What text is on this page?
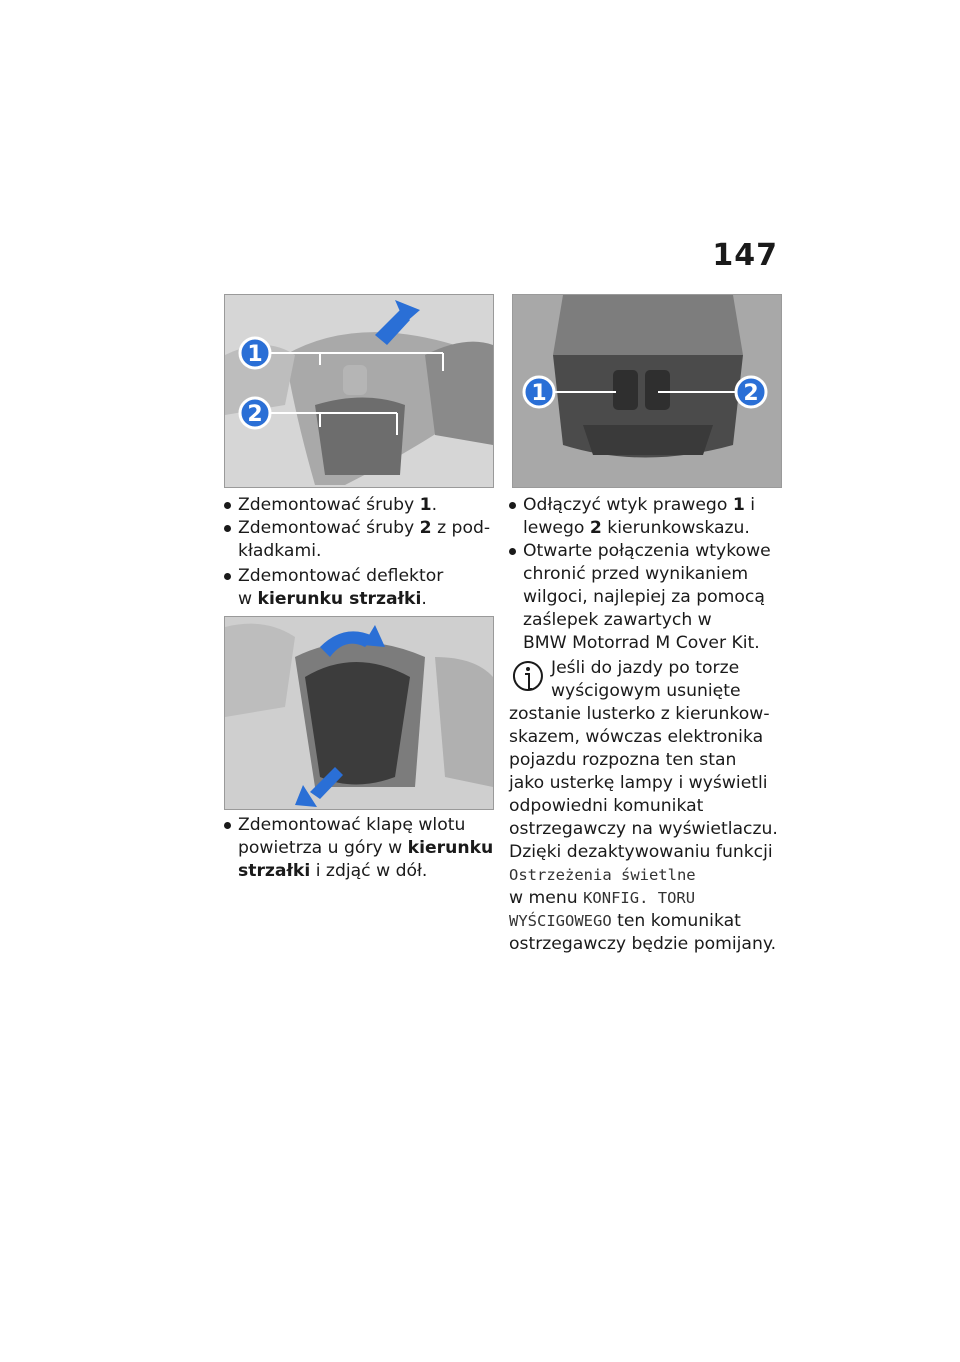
147
1
2
1	2
Zdemontować śruby 1.
Zdemontować śruby 2 z pod-
kładkami.
Zdemontować deflektor
w kierunku strzałki.
Zdemontować klapę wlotu
powietrza u góry w kierunku
strzałki i zdjąć w dół.
Odłączyć wtyk prawego 1 i
lewego 2 kierunkowskazu.
Otwarte połączenia wtykowe
chronić przed wynikaniem
wilgoci, najlepiej za pomocą
zaślepek zawartych w
BMW Motorrad M Cover Kit.
Jeśli do jazdy po torze
wyścigowym usunięte
zostanie lusterko z kierunkow-
skazem, wówczas elektronika
pojazdu rozpozna ten stan
jako usterkę lampy i wyświetli
odpowiedni komunikat
ostrzegawczy na wyświetlaczu.
Dzięki dezaktywowaniu funkcji
Ostrzeżenia świetlne
w menu KONFIG. TORU
WYŚCIGOWEGO ten komunikat
ostrzegawczy będzie pomijany.
